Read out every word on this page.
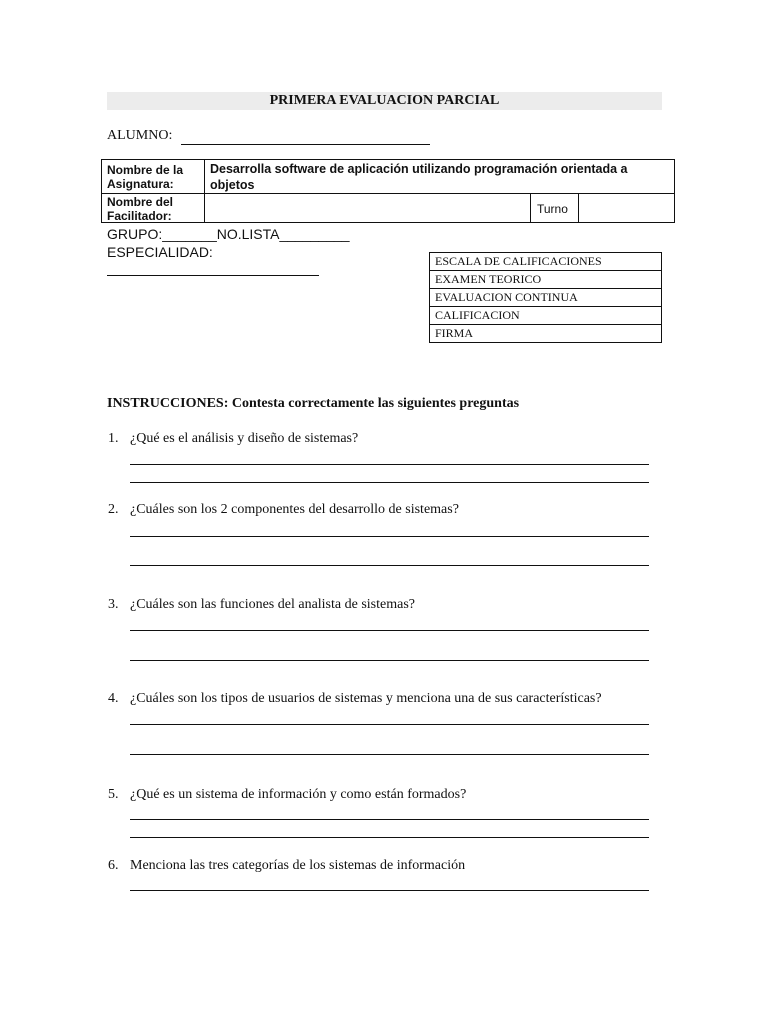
PRIMERA EVALUACION PARCIAL
ALUMNO:
Nombre de la Asignatura:
Desarrolla software de aplicación utilizando programación orientada a objetos
Nombre del Facilitador:	Turno
GRUPO:_______NO.LISTA_________
ESPECIALIDAD:
ESCALA DE CALIFICACIONES
EXAMEN TEORICO
EVALUACION CONTINUA
CALIFICACION
FIRMA
INSTRUCCIONES: Contesta correctamente las siguientes preguntas
1. ¿Qué es el análisis y diseño de sistemas?
2. ¿Cuáles son los 2 componentes del desarrollo de sistemas?
3. ¿Cuáles son las funciones del analista de sistemas?
4. ¿Cuáles son los tipos de usuarios de sistemas y menciona una de sus características?
5. ¿Qué es un sistema de información y como están formados?
6. Menciona las tres categorías de los sistemas de información
